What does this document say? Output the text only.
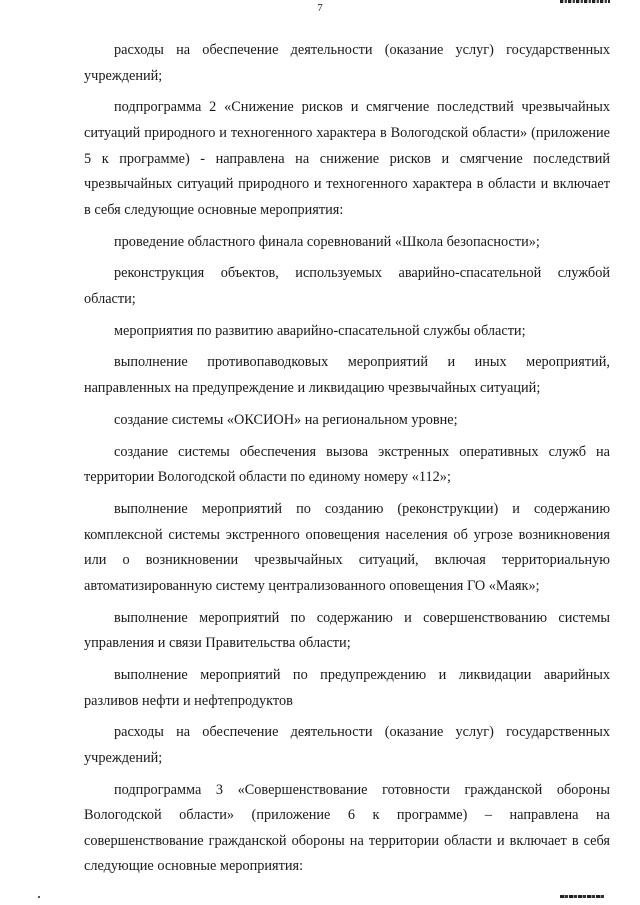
7

расходы на обеспечение деятельности (оказание услуг) государственных учреждений;

подпрограмма 2 «Снижение рисков и смягчение последствий чрезвычайных ситуаций природного и техногенного характера в Вологодской области» (приложение 5 к программе) - направлена на снижение рисков и смягчение последствий чрезвычайных ситуаций природного и техногенного характера в области и включает в себя следующие основные мероприятия:

проведение областного финала соревнований «Школа безопасности»;

реконструкция объектов, используемых аварийно-спасательной службой области;

мероприятия по развитию аварийно-спасательной службы области;

выполнение противопаводковых мероприятий и иных мероприятий, направленных на предупреждение и ликвидацию чрезвычайных ситуаций;

создание системы «ОКСИОН» на региональном уровне;

создание системы обеспечения вызова экстренных оперативных служб на территории Вологодской области по единому номеру «112»;

выполнение мероприятий по созданию (реконструкции) и содержанию комплексной системы экстренного оповещения населения об угрозе возникновения или о возникновении чрезвычайных ситуаций, включая территориальную автоматизированную систему централизованного оповещения ГО «Маяк»;

выполнение мероприятий по содержанию и совершенствованию системы управления и связи Правительства области;

выполнение мероприятий по предупреждению и ликвидации аварийных разливов нефти и нефтепродуктов

расходы на обеспечение деятельности (оказание услуг) государственных учреждений;

подпрограмма 3 «Совершенствование готовности гражданской обороны Вологодской области» (приложение 6 к программе) – направлена на совершенствование гражданской обороны на территории области и включает в себя следующие основные мероприятия:
